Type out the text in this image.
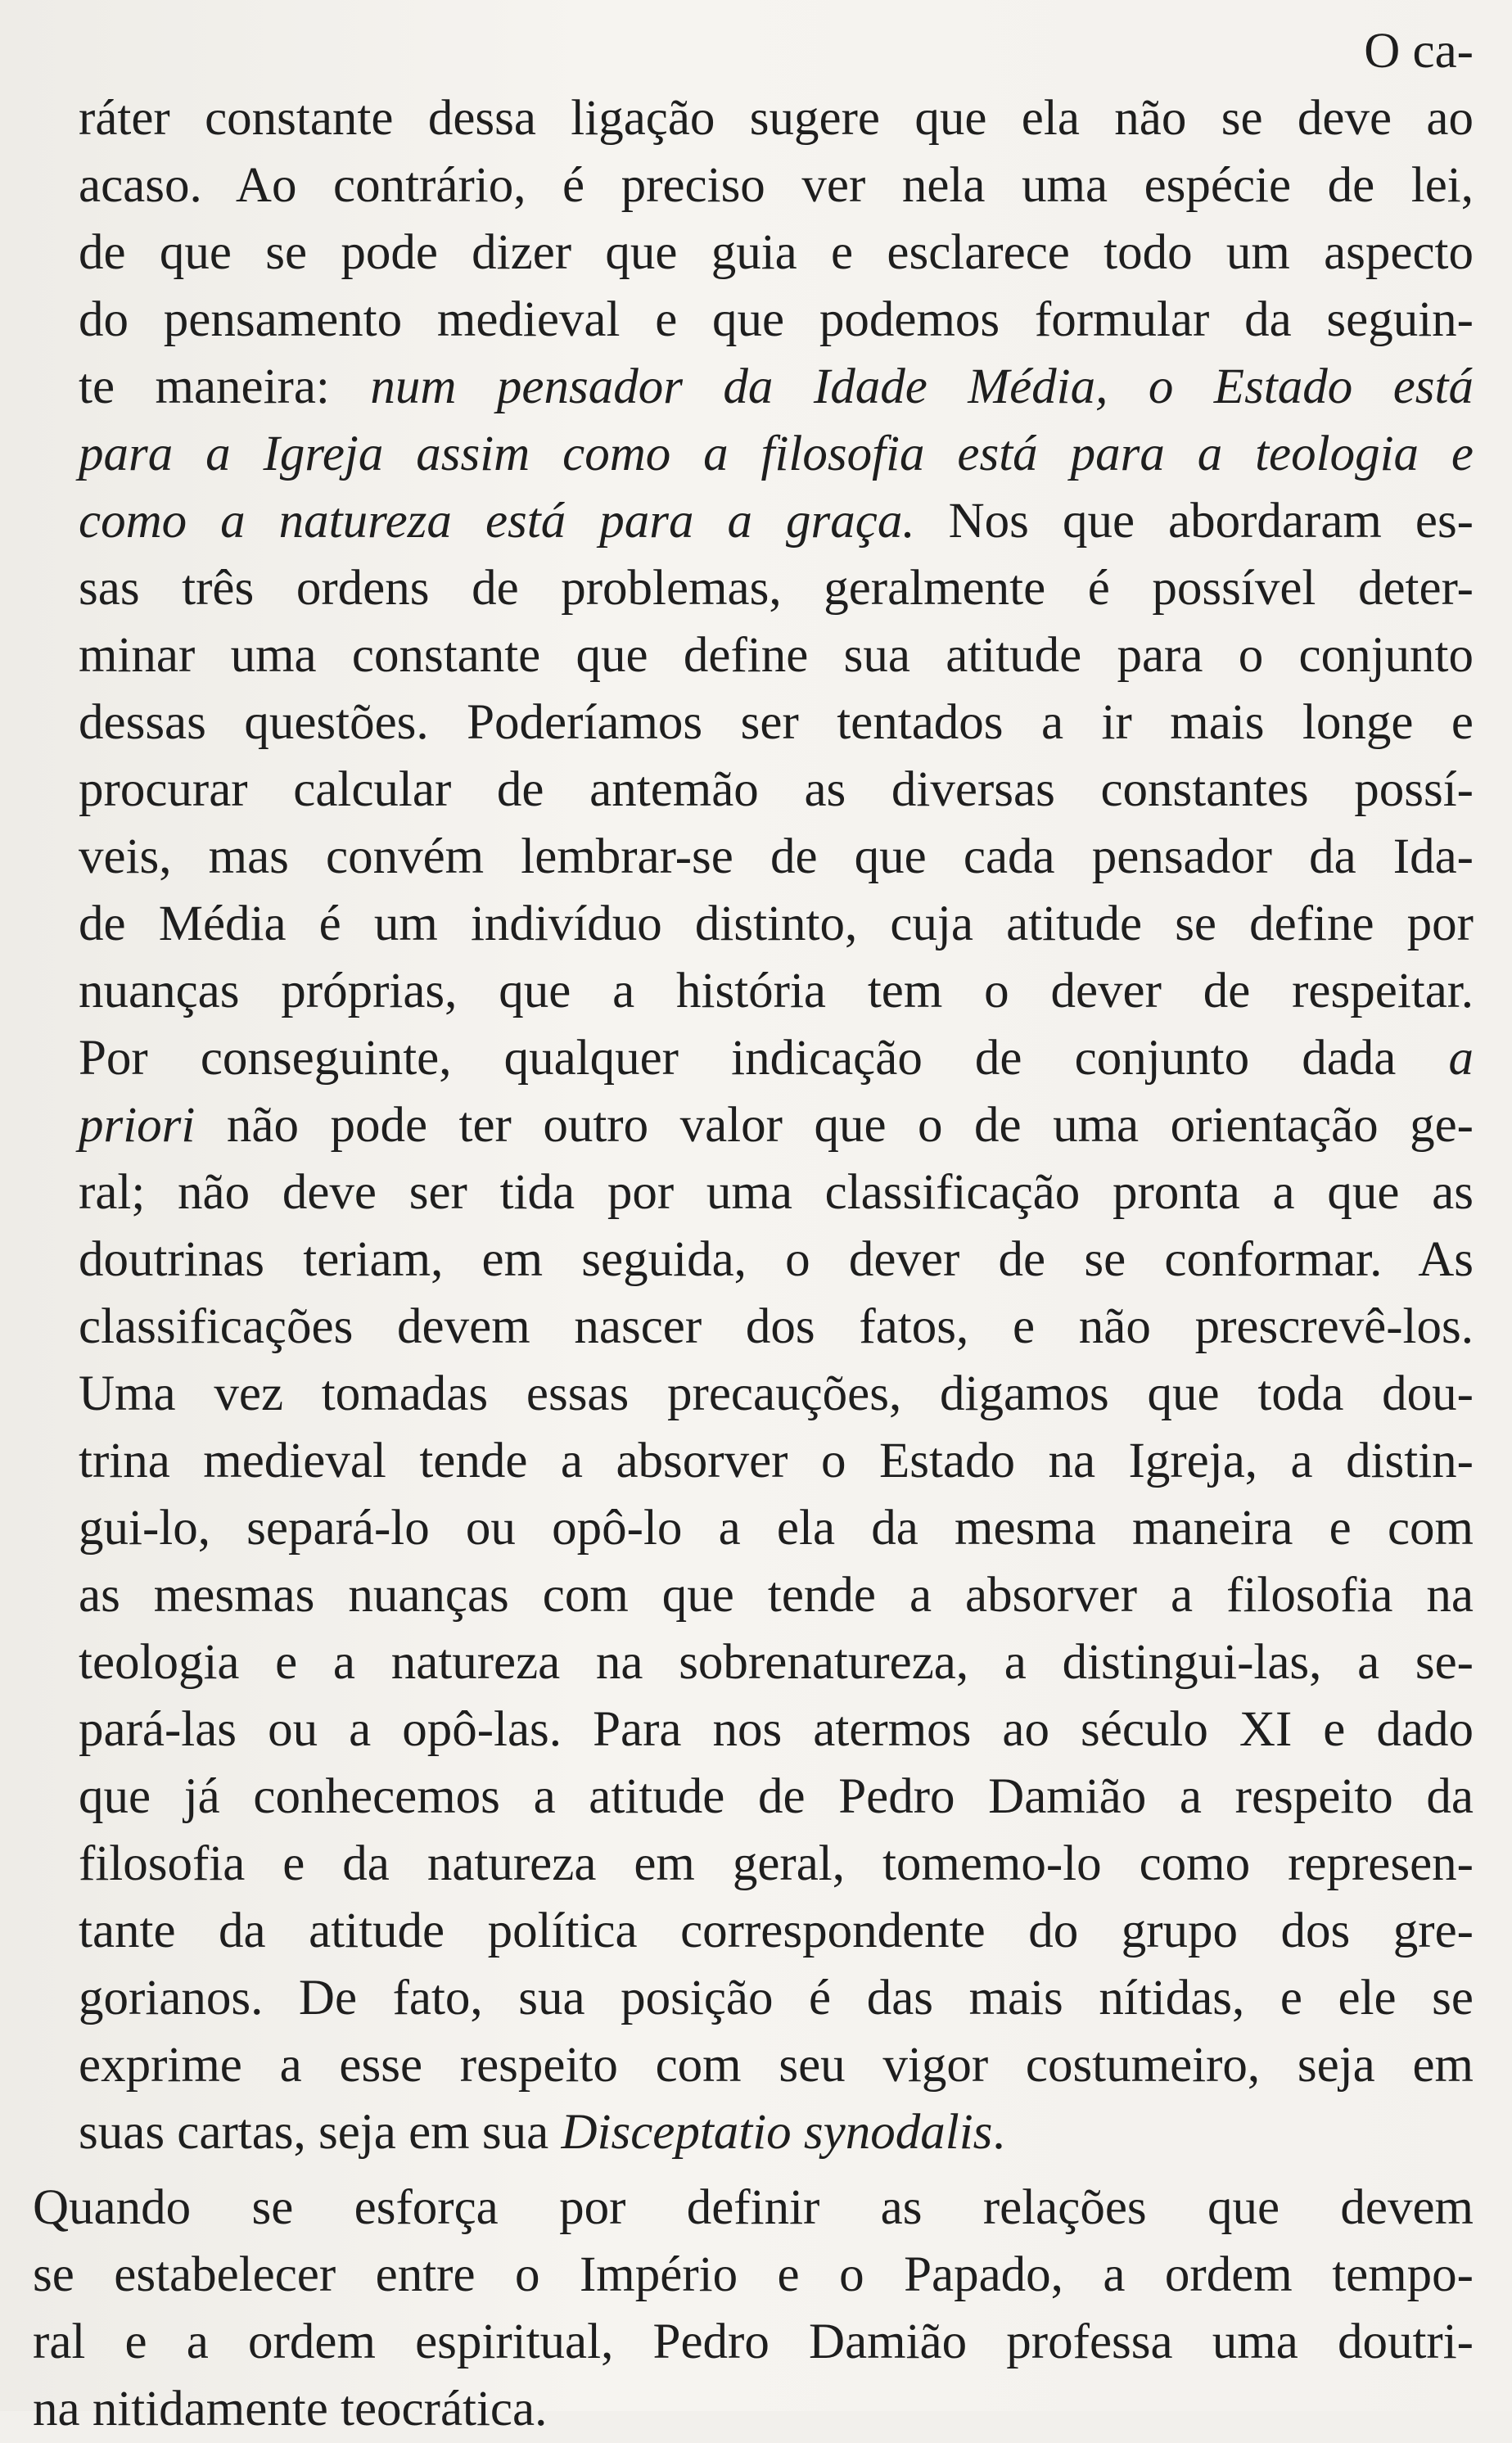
O ca-
ráter constante dessa ligação sugere que ela não se deve ao
acaso. Ao contrário, é preciso ver nela uma espécie de lei,
de que se pode dizer que guia e esclarece todo um aspecto
do pensamento medieval e que podemos formular da seguin-
te maneira: num pensador da Idade Média, o Estado está
para a Igreja assim como a filosofia está para a teologia e
como a natureza está para a graça. Nos que abordaram es-
sas três ordens de problemas, geralmente é possível deter-
minar uma constante que define sua atitude para o conjunto
dessas questões. Poderíamos ser tentados a ir mais longe e
procurar calcular de antemão as diversas constantes possí-
veis, mas convém lembrar-se de que cada pensador da Ida-
de Média é um indivíduo distinto, cuja atitude se define por
nuanças próprias, que a história tem o dever de respeitar.
Por conseguinte, qualquer indicação de conjunto dada a
priori não pode ter outro valor que o de uma orientação ge-
ral; não deve ser tida por uma classificação pronta a que as
doutrinas teriam, em seguida, o dever de se conformar. As
classificações devem nascer dos fatos, e não prescrevê-los.
Uma vez tomadas essas precauções, digamos que toda dou-
trina medieval tende a absorver o Estado na Igreja, a distin-
gui-lo, separá-lo ou opô-lo a ela da mesma maneira e com
as mesmas nuanças com que tende a absorver a filosofia na
teologia e a natureza na sobrenatureza, a distingui-las, a se-
pará-las ou a opô-las. Para nos atermos ao século XI e dado
que já conhecemos a atitude de Pedro Damião a respeito da
filosofia e da natureza em geral, tomemo-lo como represen-
tante da atitude política correspondente do grupo dos gre-
gorianos. De fato, sua posição é das mais nítidas, e ele se
exprime a esse respeito com seu vigor costumeiro, seja em
suas cartas, seja em sua Disceptatio synodalis.
Quando se esforça por definir as relações que devem
se estabelecer entre o Império e o Papado, a ordem tempo-
ral e a ordem espiritual, Pedro Damião professa uma doutri-
na nitidamente teocrática.
